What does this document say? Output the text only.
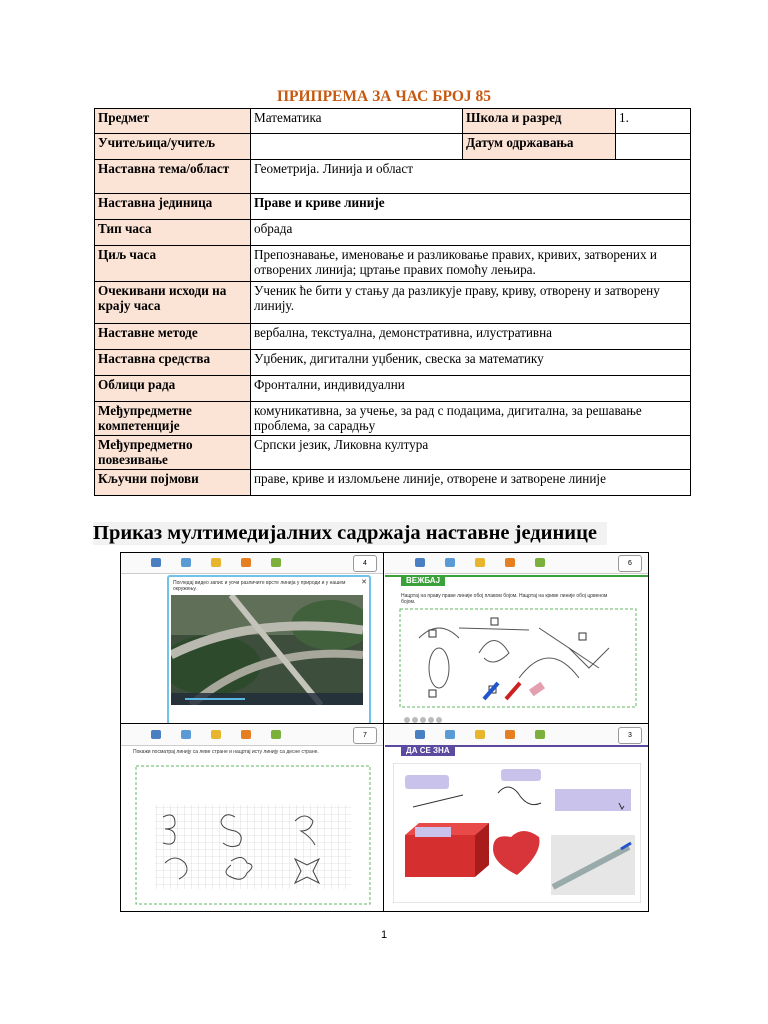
ПРИПРЕМА ЗА ЧАС БРОЈ 85
Предмет	Математика	Школа и разред	1.
Учитељица/учитељ		Датум одржавања	
Наставна тема/област	Геометрија. Линија и област		
Наставна јединица	Праве и криве линије		
Тип часа	обрада		
Циљ часа	Препознавање, именовање и разликовање правих, кривих, затворених и отворених линија; цртање правих помоћу лењира.		
Очекивани исходи на крају часа	Ученик ће бити у стању да разликује праву, криву, отворену и затворену линију.		
Наставне методе	вербална, текстуална, демонстративна, илустративна		
Наставна средства	Уџбеник, дигитални уџбеник, свеска за математику		
Облици рада	Фронтални, индивидуални		
Међупредметне компетенције	комуникативна, за учење, за рад с подацима, дигитална, за решавање проблема, за сарадњу		
Међупредметно повезивање	Српски језик, Ликовна култура		
Кључни појмови	праве, криве и изломљене линије, отворене и затворене линије		
Приказ мултимедијалних садржаја наставне јединице
4
Погледај видео запис и уочи различите врсте линија у природи и у нашем окружењу.
✕
6
ВЕЖБАЈ
Нацртај на праву праве линије обој плавом бојом. Нацртај на криве линије обој црвеном бојом.
7
Покажи посматрај линију са леве стране и нацртај исту линију са десне стране.
3
ДА СЕ ЗНА
1
